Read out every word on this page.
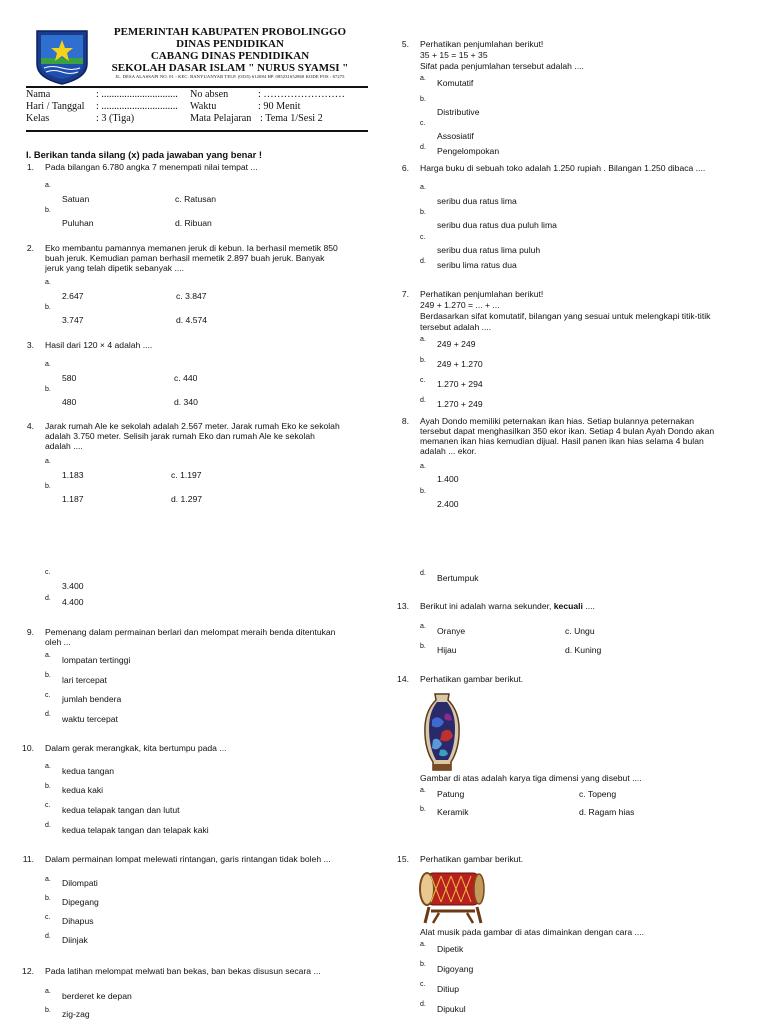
PEMERINTAH KABUPATEN PROBOLINGGO
DINAS PENDIDIKAN
CABANG DINAS PENDIDIKAN
SEKOLAH DASAR ISLAM " NURUS SYAMSI "
JL. DESA ALASSAPI NO. 01 - KEC. BANYUANYAR TELP. (0335) 612084 HP. 085231652860 KODE POS : 67275
Nama	: ..............................
Hari / Tanggal : ..............................
Kelas	: 3 (Tiga)
No absen	: ……………………
Waktu	: 90 Menit
Mata Pelajaran : Tema 1/Sesi 2
I. Berikan tanda silang (x) pada jawaban yang benar !
1. Pada bilangan 6.780 angka 7 menempati nilai tempat ...
a.
Satuan
b.
Puluhan
c. Ratusan
d. Ribuan
2. Eko membantu pamannya memanen jeruk di kebun. Ia berhasil memetik 850
buah jeruk. Kemudian paman berhasil memetik 2.897 buah jeruk. Banyak
jeruk yang telah dipetik sebanyak ....
a.
2.647
b.
3.747
c. 3.847
d. 4.574
3. Hasil dari 120 × 4 adalah ....
a.
580
b.
480
c. 440
d. 340
4. Jarak rumah Ale ke sekolah adalah 2.567 meter. Jarak rumah Eko ke sekolah
adalah 3.750 meter. Selisih jarak rumah Eko dan rumah Ale ke sekolah
adalah ....
a.
1.183
b.
1.187
c. 1.197
d. 1.297
c.
3.400
d. 4.400
9. Pemenang dalam permainan berlari dan melompat meraih benda ditentukan
oleh ...
a. lompatan tertinggi
b. lari tercepat
c. jumlah bendera
d. waktu tercepat
10. Dalam gerak merangkak, kita bertumpu pada ...
a. kedua tangan
b. kedua kaki
c. kedua telapak tangan dan lutut
d. kedua telapak tangan dan telapak kaki
11. Dalam permainan lompat melewati rintangan, garis rintangan tidak boleh ...
a. Dilompati
b. Dipegang
c. Dihapus
d. Diinjak
12. Pada latihan melompat melwati ban bekas, ban bekas disusun secara ...
a. berderet ke depan
b. zig-zag
5. Perhatikan penjumlahan berikut!
35 + 15 = 15 + 35
Sifat pada penjumlahan tersebut adalah ....
a. Komutatif
b.
Distributive
c.
Assosiatif
d. Pengelompokan
6. Harga buku di sebuah toko adalah 1.250 rupiah . Bilangan 1.250 dibaca ....
a.
seribu dua ratus lima
b.
seribu dua ratus dua puluh lima
c.
seribu dua ratus lima puluh
d. seribu lima ratus dua
7. Perhatikan penjumlahan berikut!
249 + 1.270 = ... + ...
Berdasarkan sifat komutatif, bilangan yang sesuai untuk melengkapi titik-titik
tersebut adalah ....
a. 249 + 249
b. 249 + 1.270
c. 1.270 + 294
d. 1.270 + 249
8. Ayah Dondo memiliki peternakan ikan hias. Setiap bulannya peternakan
tersebut dapat menghasilkan 350 ekor ikan. Setiap 4 bulan Ayah Dondo akan
memanen ikan hias kemudian dijual. Hasil panen ikan hias selama 4 bulan
adalah ... ekor.
a.
1.400
b.
2.400
d. Bertumpuk
13. Berikut ini adalah warna sekunder, kecuali ....
a. Oranye
b. Hijau
c. Ungu
d. Kuning
14. Perhatikan gambar berikut.
Gambar di atas adalah karya tiga dimensi yang disebut ....
a. Patung
b. Keramik
c. Topeng
d. Ragam hias
15. Perhatikan gambar berikut.
Alat musik pada gambar di atas dimainkan dengan cara ....
a. Dipetik
b. Digoyang
c. Ditiup
d. Dipukul
